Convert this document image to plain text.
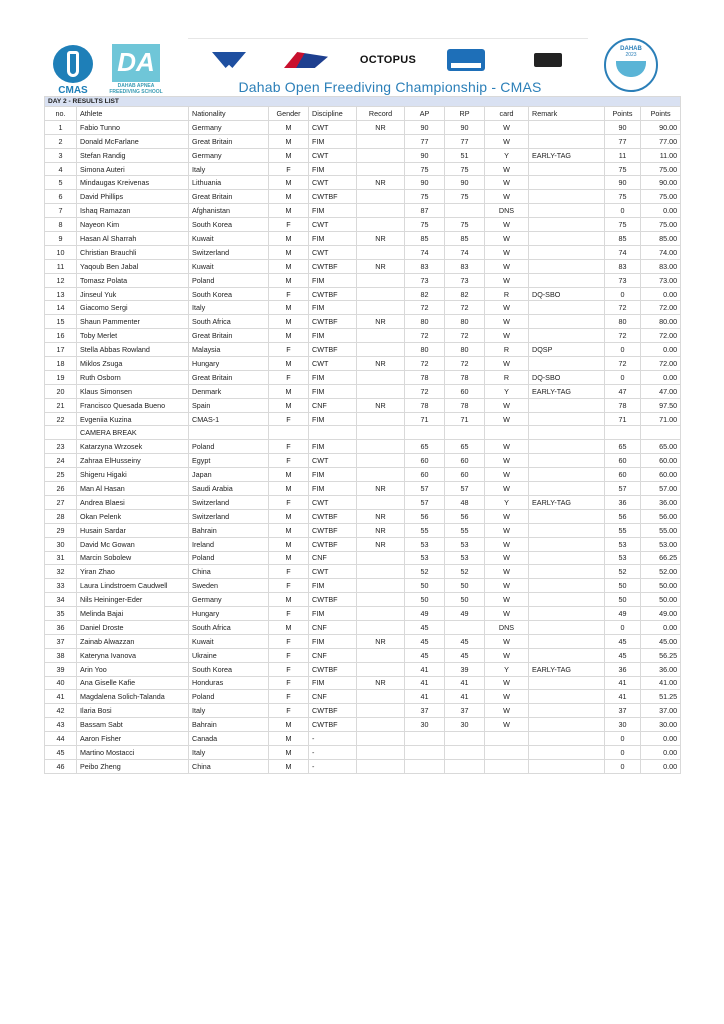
CMAS
DA
DAHAB APNEA FREEDIVING SCHOOL
OCTOPUS
DAHAB
2023
Dahab Open Freediving Championship - CMAS
DAY 2 - RESULTS LIST											
no.	Athlete	Nationality	Gender	Discipline	Record	AP	RP	card	Remark	Points	Points
1	Fabio Tunno	Germany	M	CWT	NR	90	90	W		90	90.00
2	Donald McFarlane	Great Britain	M	FIM		77	77	W		77	77.00
3	Stefan Randig	Germany	M	CWT		90	51	Y	EARLY-TAG	11	11.00
4	Simona Auteri	Italy	F	FIM		75	75	W		75	75.00
5	Mindaugas Kreivenas	Lithuania	M	CWT	NR	90	90	W		90	90.00
6	David Phillips	Great Britain	M	CWTBF		75	75	W		75	75.00
7	Ishaq Ramazan	Afghanistan	M	FIM		87		DNS		0	0.00
8	Nayeon Kim	South Korea	F	CWT		75	75	W		75	75.00
9	Hasan Al Sharrah	Kuwait	M	FIM	NR	85	85	W		85	85.00
10	Christian Brauchli	Switzerland	M	CWT		74	74	W		74	74.00
11	Yaqoub Ben Jabal	Kuwait	M	CWTBF	NR	83	83	W		83	83.00
12	Tomasz Polata	Poland	M	FIM		73	73	W		73	73.00
13	Jinseul Yuk	South Korea	F	CWTBF		82	82	R	DQ-SBO	0	0.00
14	Giacomo Sergi	Italy	M	FIM		72	72	W		72	72.00
15	Shaun Pammenter	South Africa	M	CWTBF	NR	80	80	W		80	80.00
16	Toby Merlet	Great Britain	M	FIM		72	72	W		72	72.00
17	Stella Abbas Rowland	Malaysia	F	CWTBF		80	80	R	DQSP	0	0.00
18	Miklos Zsuga	Hungary	M	CWT	NR	72	72	W		72	72.00
19	Ruth Osborn	Great Britain	F	FIM		78	78	R	DQ-SBO	0	0.00
20	Klaus Simonsen	Denmark	M	FIM		72	60	Y	EARLY-TAG	47	47.00
21	Francisco Quesada Bueno	Spain	M	CNF	NR	78	78	W		78	97.50
22	Evgeniia Kuzina	CMAS-1	F	FIM		71	71	W		71	71.00
	CAMERA BREAK										
23	Katarzyna Wrzosek	Poland	F	FIM		65	65	W		65	65.00
24	Zahraa ElHusseiny	Egypt	F	CWT		60	60	W		60	60.00
25	Shigeru Higaki	Japan	M	FIM		60	60	W		60	60.00
26	Man Al Hasan	Saudi Arabia	M	FIM	NR	57	57	W		57	57.00
27	Andrea Blaesi	Switzerland	F	CWT		57	48	Y	EARLY-TAG	36	36.00
28	Okan Pelenk	Switzerland	M	CWTBF	NR	56	56	W		56	56.00
29	Husain Sardar	Bahrain	M	CWTBF	NR	55	55	W		55	55.00
30	David Mc Gowan	Ireland	M	CWTBF	NR	53	53	W		53	53.00
31	Marcin Sobolew	Poland	M	CNF		53	53	W		53	66.25
32	Yiran Zhao	China	F	CWT		52	52	W		52	52.00
33	Laura Lindstroem Caudwell	Sweden	F	FIM		50	50	W		50	50.00
34	Nils Heininger-Eder	Germany	M	CWTBF		50	50	W		50	50.00
35	Melinda Bajai	Hungary	F	FIM		49	49	W		49	49.00
36	Daniel Droste	South Africa	M	CNF		45		DNS		0	0.00
37	Zainab Alwazzan	Kuwait	F	FIM	NR	45	45	W		45	45.00
38	Kateryna Ivanova	Ukraine	F	CNF		45	45	W		45	56.25
39	Arin Yoo	South Korea	F	CWTBF		41	39	Y	EARLY-TAG	36	36.00
40	Ana Giselle Kafie	Honduras	F	FIM	NR	41	41	W		41	41.00
41	Magdalena Solich-Talanda	Poland	F	CNF		41	41	W		41	51.25
42	Ilaria Bosi	Italy	F	CWTBF		37	37	W		37	37.00
43	Bassam Sabt	Bahrain	M	CWTBF		30	30	W		30	30.00
44	Aaron Fisher	Canada	M	-						0	0.00
45	Martino Mostacci	Italy	M	-						0	0.00
46	Peibo Zheng	China	M	-						0	0.00
